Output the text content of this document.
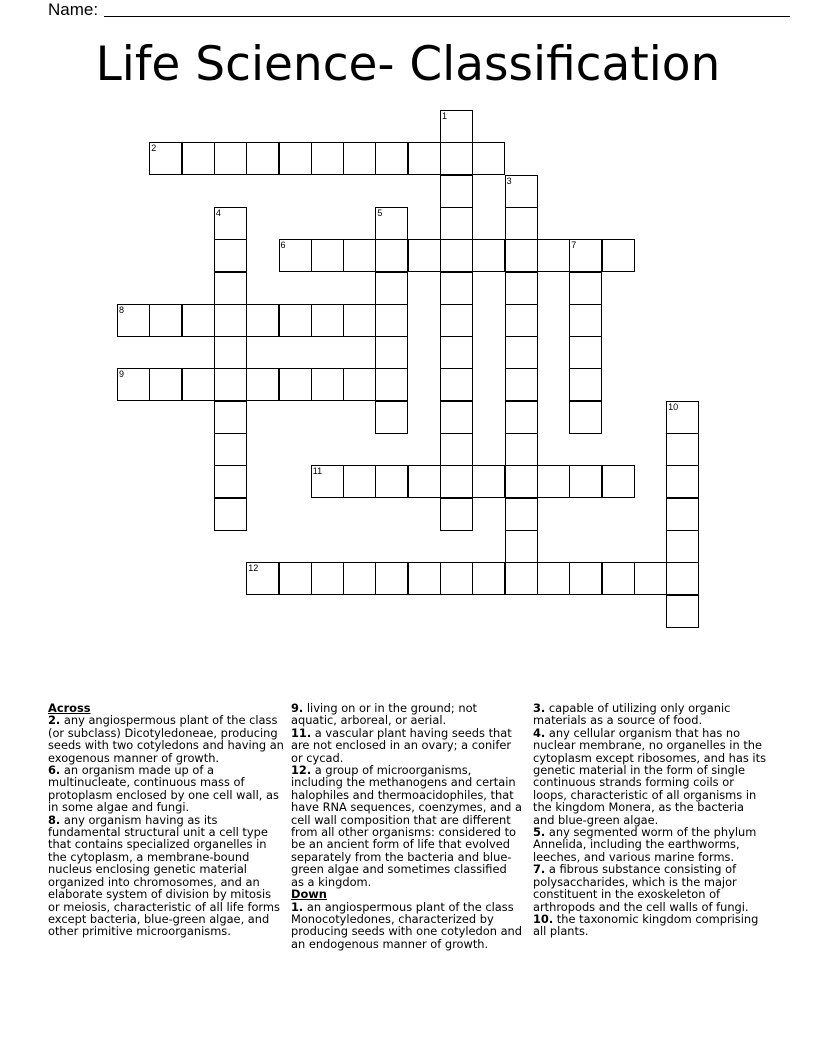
Name:
Life Science- Classification
1
2
3
4	5
6	7
8
9
10
11
12
Across

2. any angiospermous plant of the class (or subclass) Dicotyledoneae, producing seeds with two cotyledons and having an exogenous manner of growth.

6. an organism made up of a multinucleate, continuous mass of protoplasm enclosed by one cell wall, as in some algae and fungi.

8. any organism having as its fundamental structural unit a cell type that contains specialized organelles in the cytoplasm, a membrane-bound nucleus enclosing genetic material organized into chromosomes, and an elaborate system of division by mitosis or meiosis, characteristic of all life forms except bacteria, blue-green algae, and other primitive microorganisms.

9. living on or in the ground; not aquatic, arboreal, or aerial.

11. a vascular plant having seeds that are not enclosed in an ovary; a conifer or cycad.

12. a group of microorganisms, including the methanogens and certain halophiles and thermoacidophiles, that have RNA sequences, coenzymes, and a cell wall composition that are different from all other organisms: considered to be an ancient form of life that evolved separately from the bacteria and blue-green algae and sometimes classified as a kingdom.

Down

1. an angiospermous plant of the class Monocotyledones, characterized by producing seeds with one cotyledon and an endogenous manner of growth.

3. capable of utilizing only organic materials as a source of food.

4. any cellular organism that has no nuclear membrane, no organelles in the cytoplasm except ribosomes, and has its genetic material in the form of single continuous strands forming coils or loops, characteristic of all organisms in the kingdom Monera, as the bacteria and blue-green algae.

5. any segmented worm of the phylum Annelida, including the earthworms, leeches, and various marine forms.

7. a fibrous substance consisting of polysaccharides, which is the major constituent in the exoskeleton of arthropods and the cell walls of fungi.

10. the taxonomic kingdom comprising all plants.
